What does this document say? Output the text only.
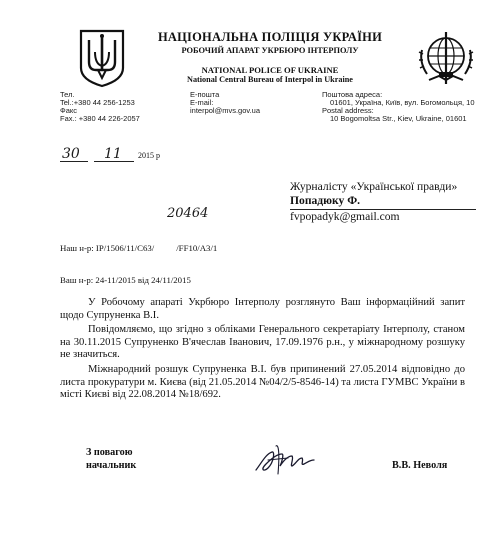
НАЦІОНАЛЬНА ПОЛІЦІЯ УКРАЇНИ
РОБОЧИЙ АПАРАТ УКРБЮРО ІНТЕРПОЛУ
NATIONAL POLICE OF UKRAINE
National Central Bureau of Interpol in Ukraine
Тел.
Tel.:+380 44 256-1253
Факс
Fax.: +380 44 226-2057
E-пошта
E-mail:
interpol@mvs.gov.ua
Поштова адреса:
01601, Україна, Київ, вул. Богомольця, 10
Postal address:
10 Bogomoltsa Str., Kiev, Ukraine, 01601
30 11 2015 р
Журналісту «Української правди»
Попадюку Ф.
fvpopadyk@gmail.com
20464

Наш н-р: IP/1506/11/C63/          /FF10/A3/1

Ваш н-р: 24-11/2015 від 24/11/2015

У Робочому апараті Укрбюро Інтерполу розглянуто Ваш інформаційний запит щодо Супруненка В.І.

Повідомляємо, що згідно з обліками Генерального секретаріату Інтерполу, станом на 30.11.2015 Супруненко В'ячеслав Іванович, 17.09.1976 р.н., у міжнародному розшуку не значиться.

Міжнародний розшук Супруненка В.І. був припинений 27.05.2014 відповідно до листа прокуратури м. Києва (від 21.05.2014 №04/2/5-8546-14) та листа ГУМВС України в місті Києві від 22.08.2014 №18/692.

З повагою
начальник	В.В. Неволя
